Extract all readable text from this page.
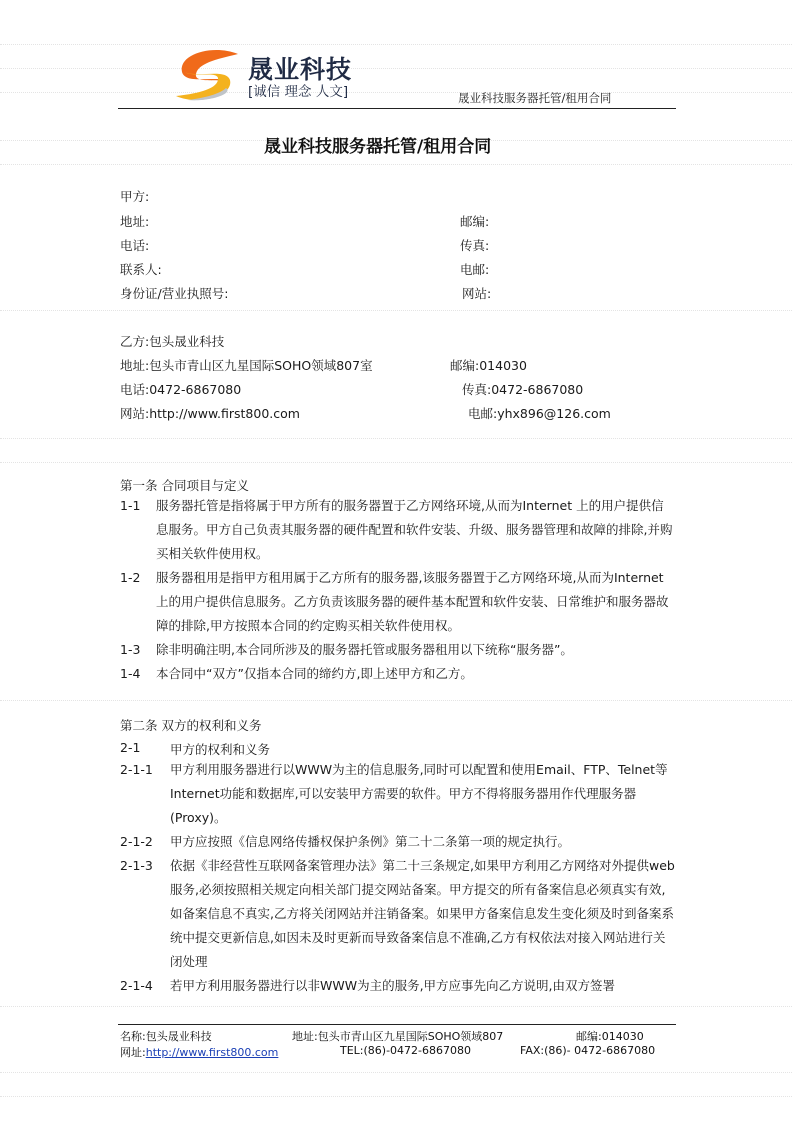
晟业科技
[诚信 理念 人文]	晟业科技服务器托管/租用合同
晟业科技服务器托管/租用合同
甲方:
地址:	邮编:
电话:	传真:
联系人:	电邮:
身份证/营业执照号:	网站:
乙方:包头晟业科技
地址:包头市青山区九星国际SOHO领域807室	邮编:014030
电话:0472-6867080	传真:0472-6867080
网站:http://www.first800.com	电邮:yhx896@126.com
第一条 合同项目与定义
1-1	服务器托管是指将属于甲方所有的服务器置于乙方网络环境,从而为Internet 上的用户提供信息服务。甲方自己负责其服务器的硬件配置和软件安装、升级、服务器管理和故障的排除,并购买相关软件使用权。
1-2	服务器租用是指甲方租用属于乙方所有的服务器,该服务器置于乙方网络环境,从而为Internet 上的用户提供信息服务。乙方负责该服务器的硬件基本配置和软件安装、日常维护和服务器故障的排除,甲方按照本合同的约定购买相关软件使用权。
1-3	除非明确注明,本合同所涉及的服务器托管或服务器租用以下统称“服务器”。
1-4	本合同中“双方”仅指本合同的缔约方,即上述甲方和乙方。
第二条 双方的权利和义务
2-1 甲方的权利和义务
2-1-1	甲方利用服务器进行以WWW为主的信息服务,同时可以配置和使用Email、FTP、Telnet等Internet功能和数据库,可以安装甲方需要的软件。甲方不得将服务器用作代理服务器(Proxy)。
2-1-2	甲方应按照《信息网络传播权保护条例》第二十二条第一项的规定执行。
2-1-3	依据《非经营性互联网备案管理办法》第二十三条规定,如果甲方利用乙方网络对外提供web服务,必须按照相关规定向相关部门提交网站备案。甲方提交的所有备案信息必须真实有效,如备案信息不真实,乙方将关闭网站并注销备案。如果甲方备案信息发生变化须及时到备案系统中提交更新信息,如因未及时更新而导致备案信息不准确,乙方有权依法对接入网站进行关闭处理
2-1-4	若甲方利用服务器进行以非WWW为主的服务,甲方应事先向乙方说明,由双方签署
名称:包头晟业科技	地址:包头市青山区九星国际SOHO领域807	邮编:014030
网址:http://www.first800.com	TEL:(86)-0472-6867080	FAX:(86)- 0472-6867080
